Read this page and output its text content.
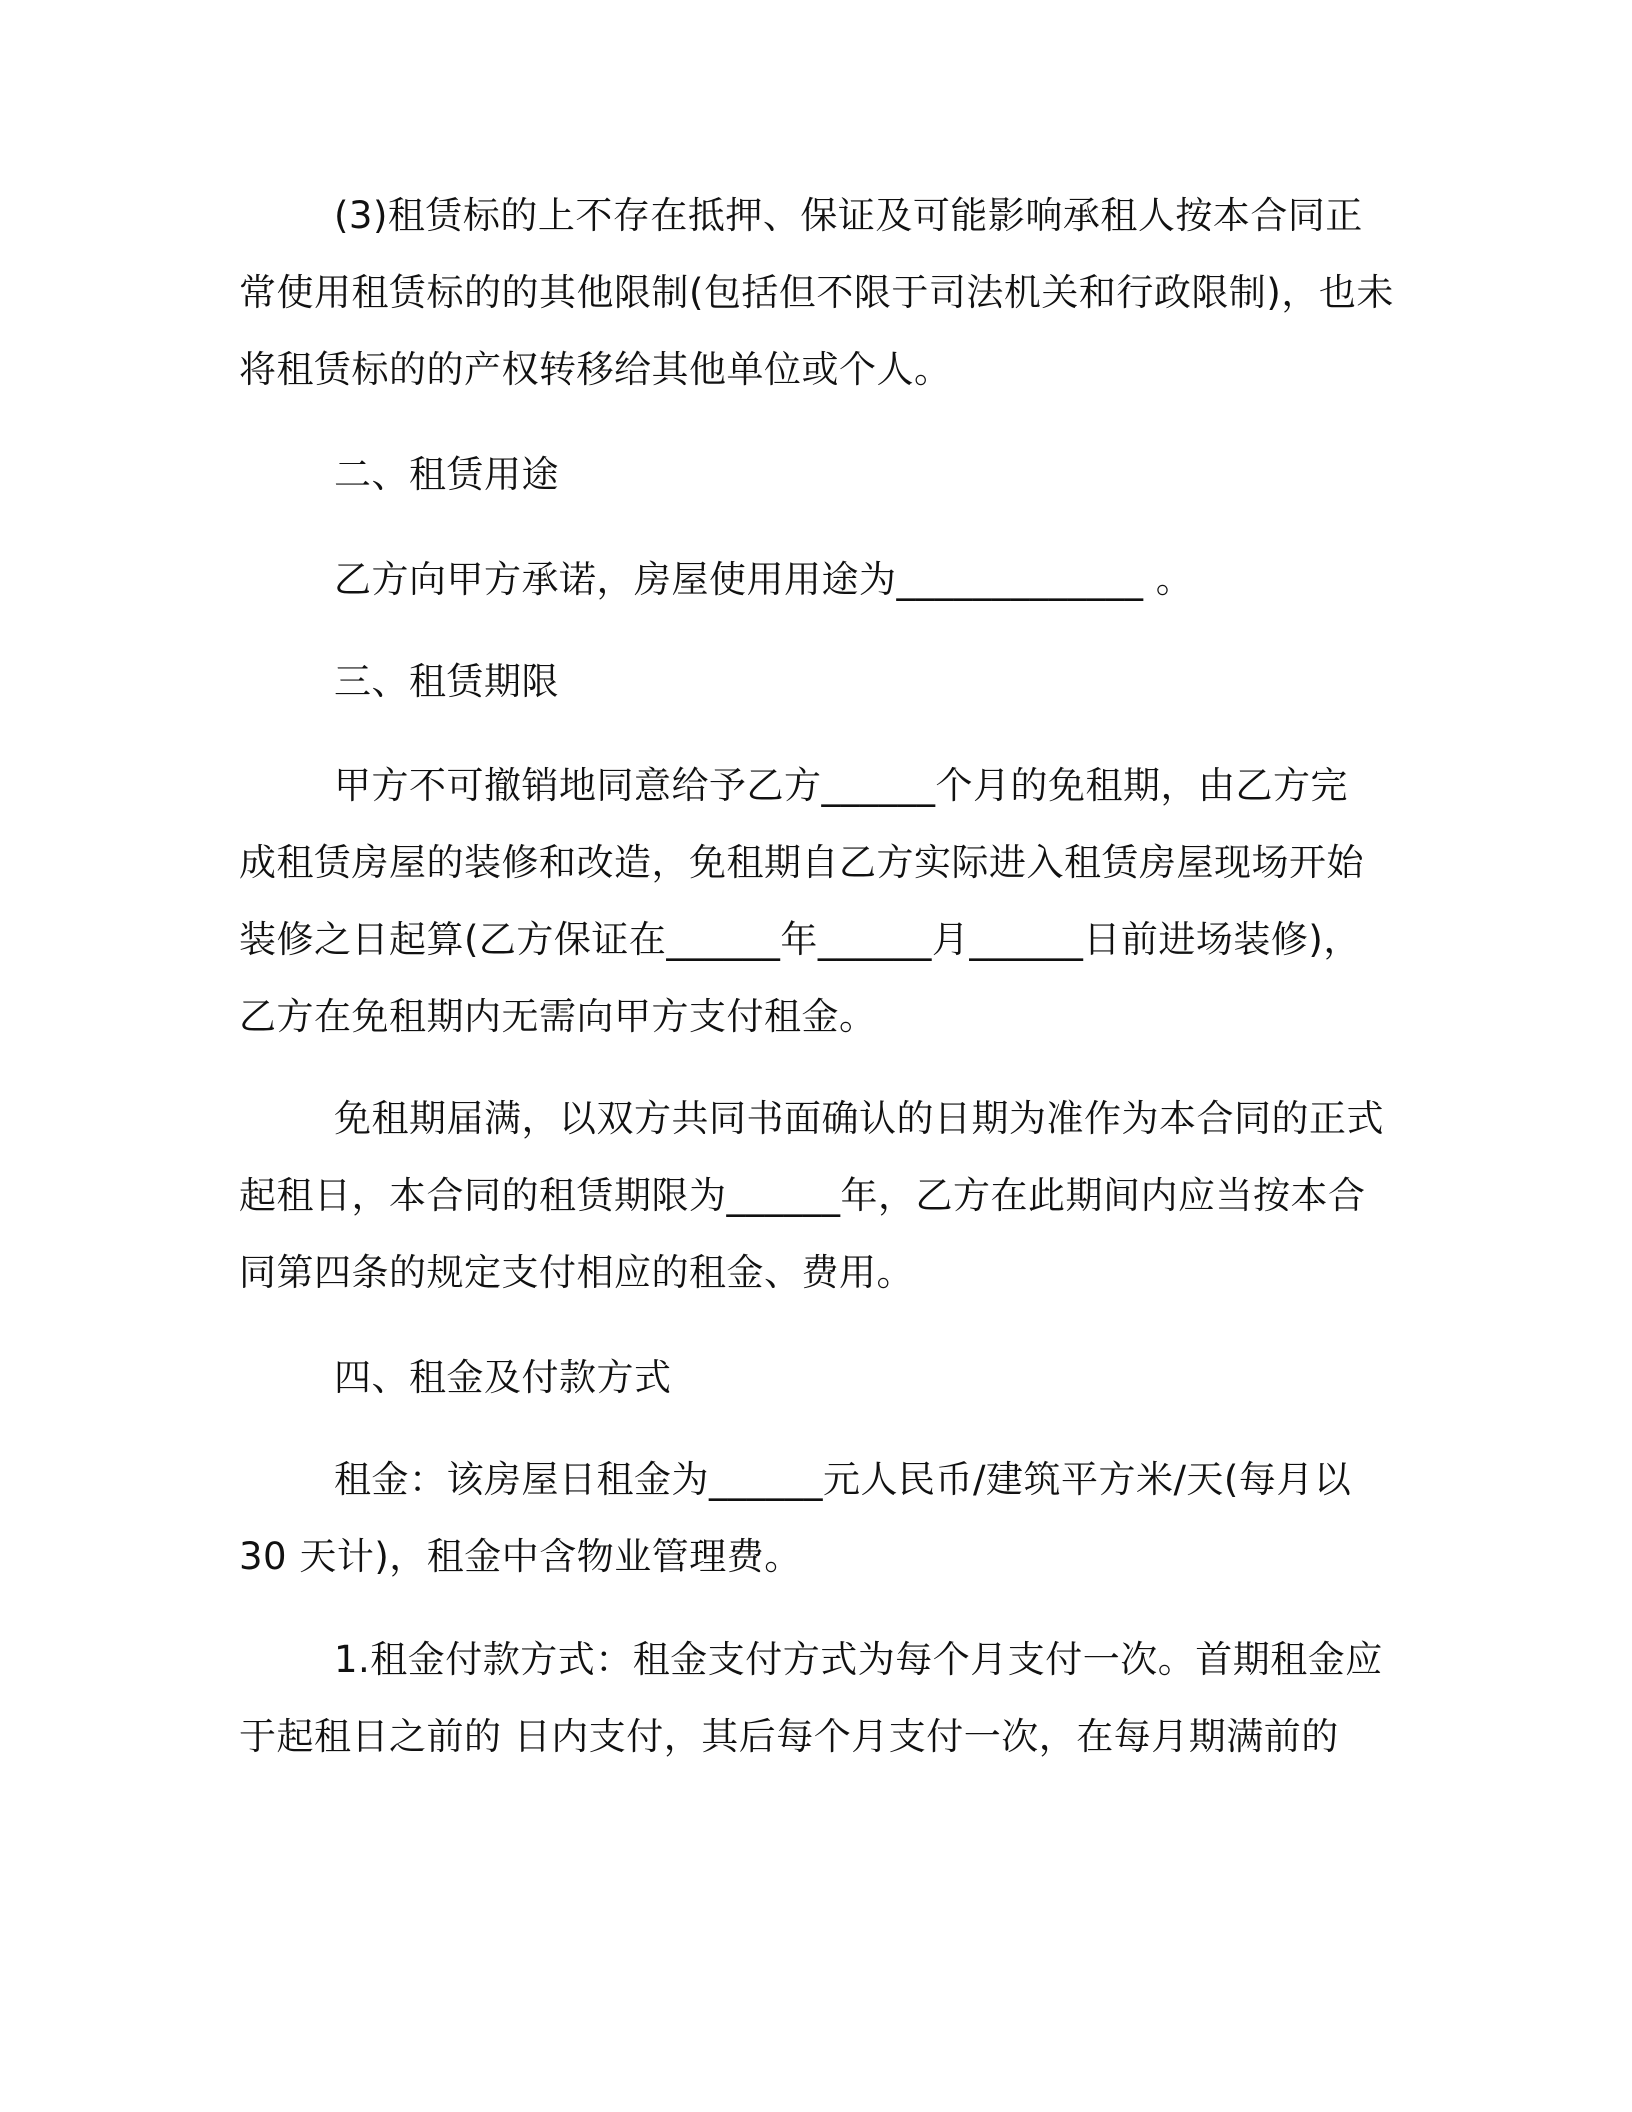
(3)租赁标的上不存在抵押、保证及可能影响承租人按本合同正
常使用租赁标的的其他限制(包括但不限于司法机关和行政限制)，也未
将租赁标的的产权转移给其他单位或个人。
二、租赁用途
乙方向甲方承诺，房屋使用用途为_____________ 。
三、租赁期限
甲方不可撤销地同意给予乙方______个月的免租期，由乙方完
成租赁房屋的装修和改造，免租期自乙方实际进入租赁房屋现场开始
装修之日起算(乙方保证在______年______月______日前进场装修)，
乙方在免租期内无需向甲方支付租金。
免租期届满，以双方共同书面确认的日期为准作为本合同的正式
起租日，本合同的租赁期限为______年，乙方在此期间内应当按本合
同第四条的规定支付相应的租金、费用。
四、租金及付款方式
租金：该房屋日租金为______元人民币/建筑平方米/天(每月以
30 天计)，租金中含物业管理费。
1.租金付款方式：租金支付方式为每个月支付一次。首期租金应
于起租日之前的 日内支付，其后每个月支付一次，在每月期满前的
